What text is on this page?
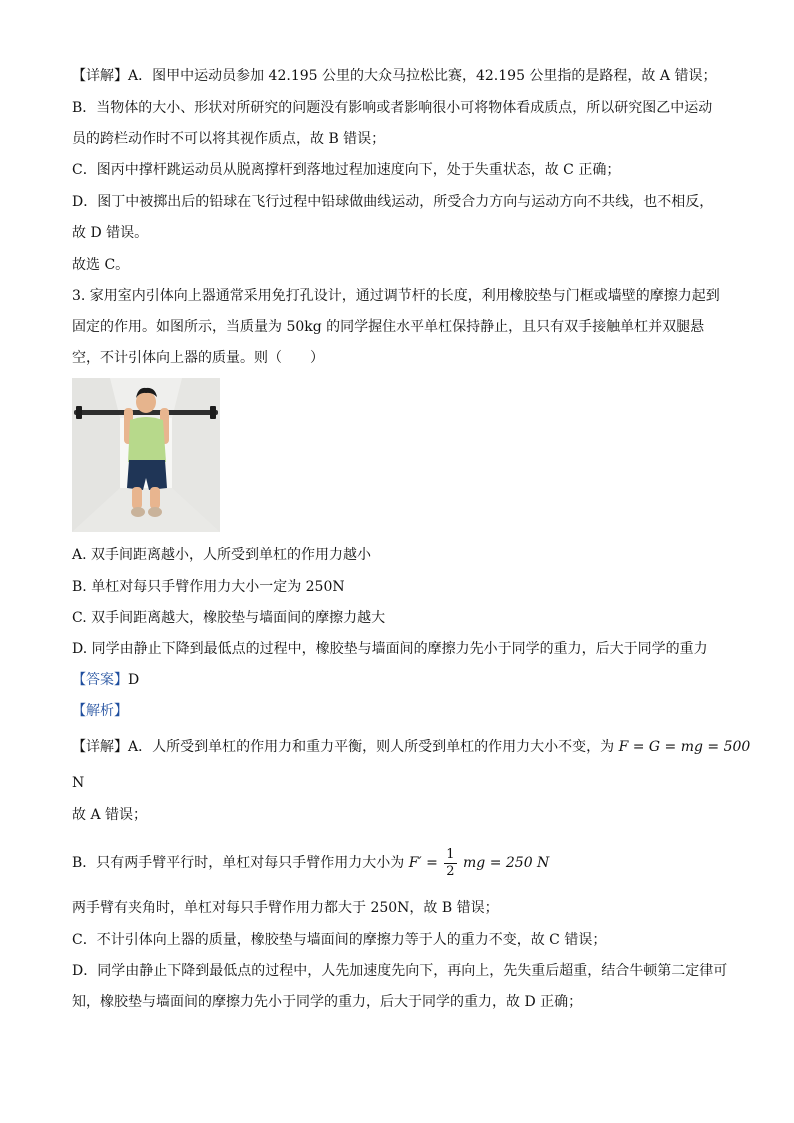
【详解】A．图甲中运动员参加 42.195 公里的大众马拉松比赛，42.195 公里指的是路程，故 A 错误；
B．当物体的大小、形状对所研究的问题没有影响或者影响很小可将物体看成质点，所以研究图乙中运动
员的跨栏动作时不可以将其视作质点，故 B 错误；
C．图丙中撑杆跳运动员从脱离撑杆到落地过程加速度向下，处于失重状态，故 C 正确；
D．图丁中被掷出后的铅球在飞行过程中铅球做曲线运动，所受合力方向与运动方向不共线，也不相反，
故 D 错误。
故选 C。
3. 家用室内引体向上器通常采用免打孔设计，通过调节杆的长度，利用橡胶垫与门框或墙壁的摩擦力起到
固定的作用。如图所示，当质量为 50kg 的同学握住水平单杠保持静止，且只有双手接触单杠并双腿悬
空，不计引体向上器的质量。则（　　）
A. 双手间距离越小，人所受到单杠的作用力越小
B. 单杠对每只手臂作用力大小一定为 250N
C. 双手间距离越大，橡胶垫与墙面间的摩擦力越大
D. 同学由静止下降到最低点的过程中，橡胶垫与墙面间的摩擦力先小于同学的重力，后大于同学的重力
【答案】D
【解析】
【详解】A．人所受到单杠的作用力和重力平衡，则人所受到单杠的作用力大小不变，为 F = G = mg = 500
N
故 A 错误；
B．只有两手臂平行时，单杠对每只手臂作用力大小为 $F' = \frac{1}{2}$ mg = 250 N
两手臂有夹角时，单杠对每只手臂作用力都大于 250N，故 B 错误；
C．不计引体向上器的质量，橡胶垫与墙面间的摩擦力等于人的重力不变，故 C 错误；
D．同学由静止下降到最低点的过程中，人先加速度先向下，再向上，先失重后超重，结合牛顿第二定律可
知，橡胶垫与墙面间的摩擦力先小于同学的重力，后大于同学的重力，故 D 正确；
